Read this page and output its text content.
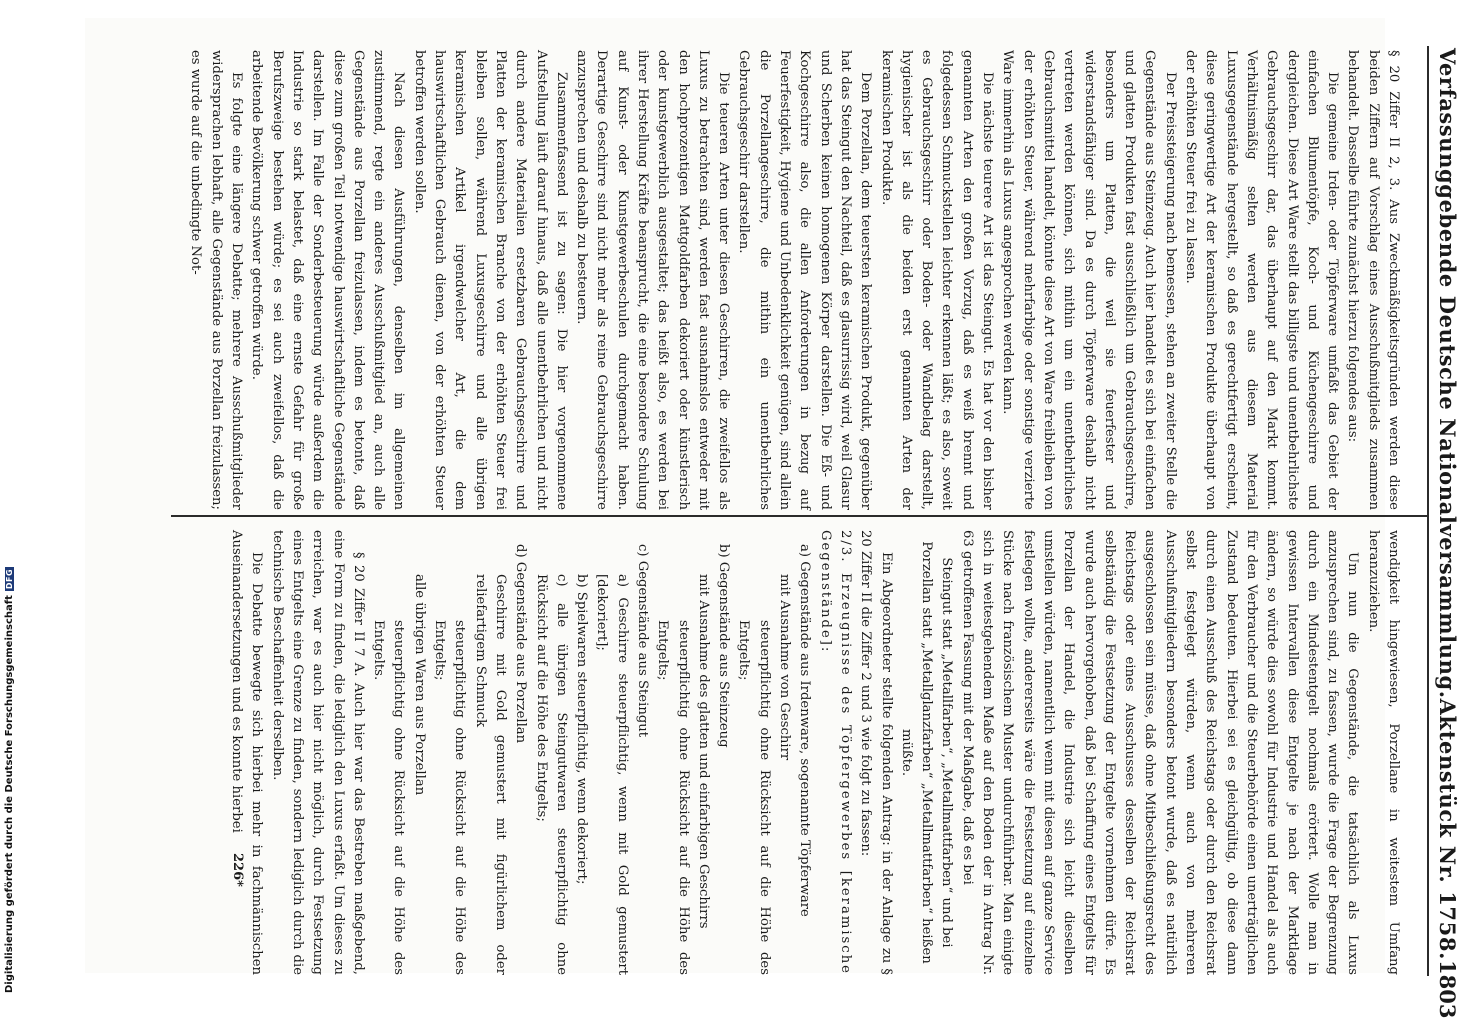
Verfassunggebende Deutsche Nationalversammlung.
Aktenstück Nr. 1758.
1803

§ 20 Ziffer II 2, 3. Aus Zweckmäßigkeitsgründen werden diese beiden Ziffern auf Vorschlag eines Ausschußmitglieds zusammen behandelt. Dasselbe führte zunächst hierzu folgendes aus:

Die gemeine Irden- oder Töpferware umfaßt das Gebiet der einfachen Blumentöpfe, Koch- und Küchengeschirre und dergleichen. Diese Art Ware stellt das billigste und unentbehrlichste Gebrauchsgeschirr dar, das überhaupt auf den Markt kommt. Verhältnismäßig selten werden aus diesem Material Luxusgegenstände hergestellt, so daß es gerechtfertigt erscheint, diese geringwertige Art der keramischen Produkte überhaupt von der erhöhten Steuer frei zu lassen.

Der Preissteigerung nach bemessen, stehen an zweiter Stelle die Gegenstände aus Steinzeug. Auch hier handelt es sich bei einfachen und glatten Produkten fast ausschließlich um Gebrauchsgeschirre, besonders um Platten, die weil sie feuerfester und widerstandsfähiger sind. Da es durch Töpferware deshalb nicht vertreten werden können, sich mithin um ein unentbehrliches Gebrauchsmittel handelt, könnte diese Art von Ware freibleiben von der erhöhten Steuer, während mehrfarbige oder sonstige verzierte Ware immerhin als Luxus angesprochen werden kann.

Die nächste teurere Art ist das Steingut. Es hat vor den bisher genannten Arten den großen Vorzug, daß es weiß brennt und folgedessen Schmuckstellen leichter erkennen läßt; es also, soweit es Gebrauchsgeschirr oder Boden- oder Wandbelag darstellt, hygienischer ist als die beiden erst genannten Arten der keramischen Produkte.

Dem Porzellan, dem teuersten keramischen Produkt, gegenüber hat das Steingut den Nachteil, daß es glasurrissig wird, weil Glasur und Scherben keinen homogenen Körper darstellen. Die Eß- und Kochgeschirre also, die allen Anforderungen in bezug auf Feuerfestigkeit, Hygiene und Unbedenklichkeit genügen, sind allein die Porzellangeschirre, die mithin ein unentbehrliches Gebrauchsgeschirr darstellen.

Die teueren Arten unter diesen Geschirren, die zweifellos als Luxus zu betrachten sind, werden fast ausnahmslos entweder mit den hochprozentigen Mattgoldfarben dekoriert oder künstlerisch oder kunstgewerblich ausgestaltet; das heißt also, es werden bei ihrer Herstellung Kräfte beansprucht, die eine besondere Schulung auf Kunst- oder Kunstgewerbeschulen durchgemacht haben. Derartige Geschirre sind nicht mehr als reine Gebrauchsgeschirre anzusprechen und deshalb zu besteuern.

Zusammenfassend ist zu sagen: Die hier vorgenommene Aufstellung läuft darauf hinaus, daß alle unentbehrlichen und nicht durch andere Materialien ersetzbaren Gebrauchsgeschirre und Platten der keramischen Branche von der erhöhten Steuer frei bleiben sollen, während Luxusgeschirre und alle übrigen keramischen Artikel irgendwelcher Art, die dem hauswirtschaftlichen Gebrauch dienen, von der erhöhten Steuer betroffen werden sollen.

Nach diesen Ausführungen, denselben im allgemeinen zustimmend, regte ein anderes Ausschußmitglied an, auch alle Gegenstände aus Porzellan freizulassen, indem es betonte, daß diese zum großen Teil notwendige hauswirtschaftliche Gegenstände darstellen. Im Falle der Sonderbesteuerung würde außerdem die Industrie so stark belastet, daß eine ernste Gefahr für große Berufszweige bestehen würde; es sei auch zweifellos, daß die arbeitende Bevölkerung schwer getroffen würde.

Es folgte eine längere Debatte; mehrere Ausschußmitglieder widersprachen lebhaft, alle Gegenstände aus Porzellan freizulassen; es wurde auf die unbedingte Not-

wendigkeit hingewiesen, Porzellane in weitestem Umfang heranzuziehen.

Um nun die Gegenstände, die tatsächlich als Luxus anzusprechen sind, zu fassen, wurde die Frage der Begrenzung durch ein Mindestentgelt nochmals erörtert. Wolle man in gewissen Intervallen diese Entgelte je nach der Marktlage ändern, so würde dies sowohl für Industrie und Handel als auch für den Verbraucher und die Steuerbehörde einen unerträglichen Zustand bedeuten. Hierbei sei es gleichgültig, ob diese dann durch einen Ausschuß des Reichstags oder durch den Reichsrat selbst festgelegt würden, wenn auch von mehreren Ausschußmitgliedern besonders betont wurde, daß es natürlich ausgeschlossen sein müsse, daß ohne Mitbeschließungsrecht des Reichstags oder eines Ausschusses desselben der Reichsrat selbständig die Festsetzung der Entgelte vornehmen dürfe. Es wurde auch hervorgehoben, daß bei Schaffung eines Entgelts für Porzellan der Handel, die Industrie sich leicht dieselben umstellen würden, namentlich wenn mit diesen auf ganze Service festlegen wollte, andererseits wäre die Festsetzung auf einzelne Stücke nach französischem Muster undurchführbar. Man einigte sich in weitestgehendem Maße auf den Boden der in Antrag Nr. 63 getroffenen Fassung mit der Maßgabe, daß es bei

Steingut statt „Metallfarben“, „Metallmattfarben“ und bei Porzellan statt „Metallglanzfarben“ „Metallmattfarben“ heißen müßte.

Ein Abgeordneter stellte folgenden Antrag: in der Anlage zu § 20 Ziffer II die Ziffer 2 und 3 wie folgt zu fassen:

2/3. Erzeugnisse des Töpfergewerbes [keramische Gegenstände]:

a) Gegenstände aus Irdenware, sogenannte Töpferware

mit Ausnahme von Geschirr

steuerpflichtig ohne Rücksicht auf die Höhe des Entgelts;

b) Gegenstände aus Steinzeug

mit Ausnahme des glatten und einfarbigen Geschirrs

steuerpflichtig ohne Rücksicht auf die Höhe des Entgelts;

c) Gegenstände aus Steingut

a) Geschirre steuerpflichtig, wenn mit Gold gemustert [dekoriert];

b) Spielwaren steuerpflichtig, wenn dekoriert;

c) alle übrigen Steingutwaren steuerpflichtig ohne Rücksicht auf die Höhe des Entgelts;

d) Gegenstände aus Porzellan

Geschirre mit Gold gemustert mit figürlichem oder reliefartigem Schmuck

steuerpflichtig ohne Rücksicht auf die Höhe des Entgelts;

alle übrigen Waren aus Porzellan

steuerpflichtig ohne Rücksicht auf die Höhe des Entgelts.

§ 20 Ziffer II 7 A. Auch hier war das Bestreben maßgebend, eine Form zu finden, die lediglich den Luxus erfaßt. Um dieses zu erreichen, war es auch hier nicht möglich, durch Festsetzung eines Entgelts eine Grenze zu finden, sondern lediglich durch die technische Beschaffenheit derselben.

Die Debatte bewegte sich hierbei mehr in fachmännischen Auseinandersetzungen und es konnte hierbei

226*
Digitalisierung gefördert durch die Deutsche Forschungsgemeinschaft
DFG
